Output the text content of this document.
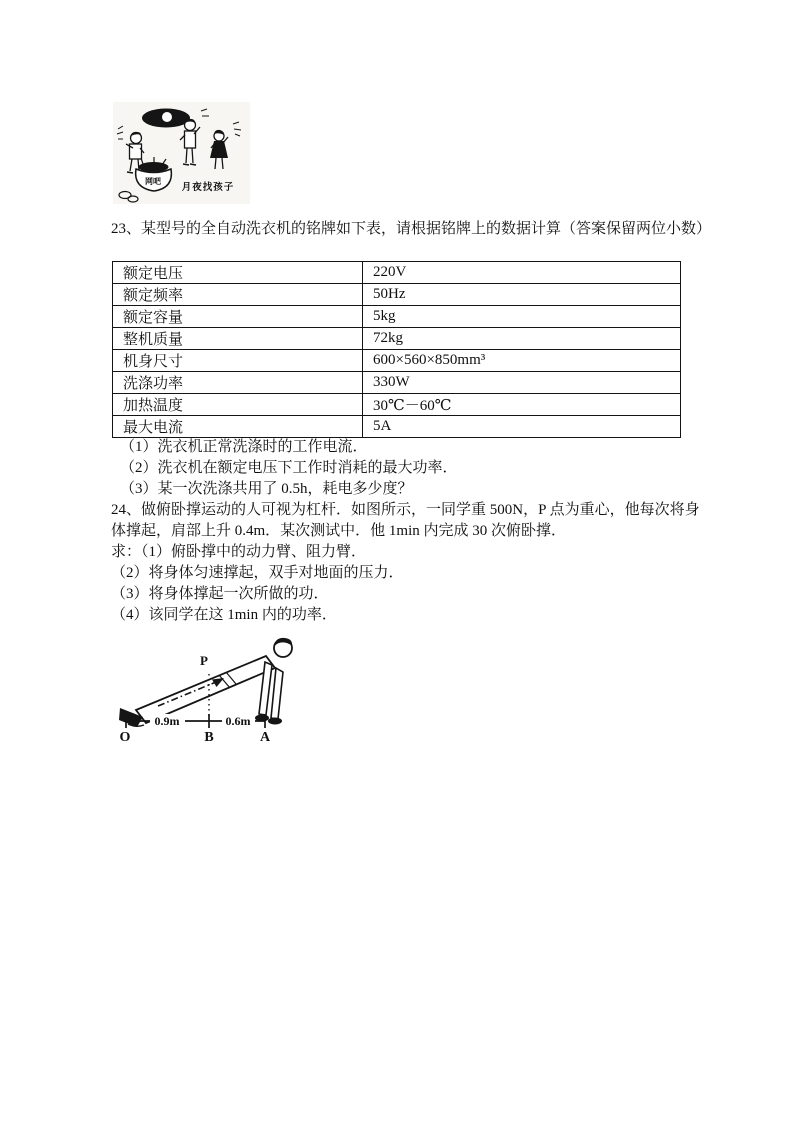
网吧
月夜找孩子
23、某型号的全自动洗衣机的铭牌如下表，请根据铭牌上的数据计算（答案保留两位小数）
额定电压	220V
额定频率	50Hz
额定容量	5kg
整机质量	72kg
机身尺寸	600×560×850mm³
洗涤功率	330W
加热温度	30℃－60℃
最大电流	5A
（1）洗衣机正常洗涤时的工作电流．
（2）洗衣机在额定电压下工作时消耗的最大功率．
（3）某一次洗涤共用了 0.5h，耗电多少度？
24、做俯卧撑运动的人可视为杠杆．如图所示，一同学重 500N，P 点为重心，他每次将身
体撑起，肩部上升 0.4m．某次测试中．他 1min 内完成 30 次俯卧撑．
求：（1）俯卧撑中的动力臂、阻力臂．
（2）将身体匀速撑起，双手对地面的压力．
（3）将身体撑起一次所做的功．
（4）该同学在这 1min 内的功率．
P
0.9m	0.6m
O	B	A
